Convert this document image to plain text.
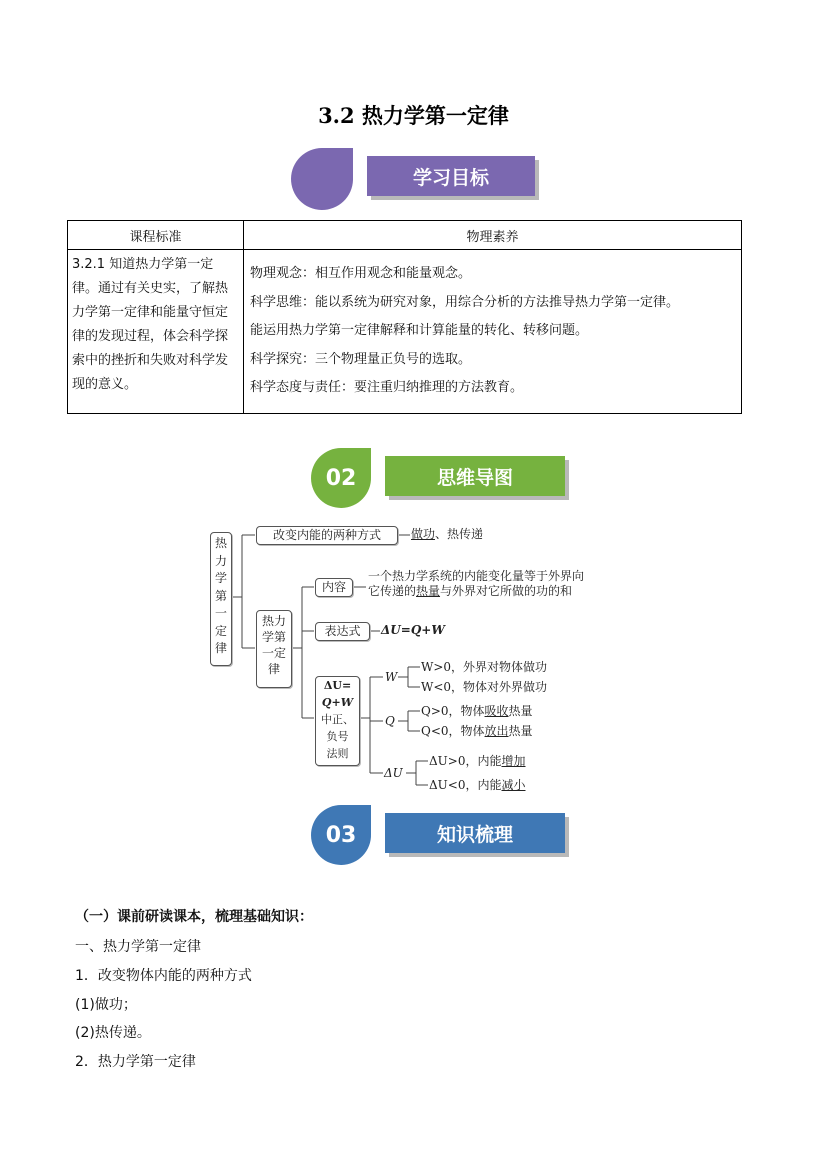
3.2 热力学第一定律
学习目标
课程标准	物理素养
3.2.1 知道热力学第一定律。通过有关史实，了解热力学第一定律和能量守恒定律的发现过程，体会科学探索中的挫折和失败对科学发现的意义。	物理观念：相互作用观念和能量观念。
科学思维：能以系统为研究对象，用综合分析的方法推导热力学第一定律。
能运用热力学第一定律解释和计算能量的转化、转移问题。
科学探究：三个物理量正负号的选取。
科学态度与责任：要注重归纳推理的方法教育。
02	思维导图
热力学第一定律
改变内能的两种方式	做功、热传递
热力学第一定律
内容
一个热力学系统的内能变化量等于外界向
它传递的热量与外界对它所做的功的和
表达式	ΔU=Q+W
ΔU=
Q+W
中正、
负号
法则
W
W>0，外界对物体做功
W<0，物体对外界做功
Q
Q>0，物体吸收热量
Q<0，物体放出热量
ΔU
ΔU>0，内能增加
ΔU<0，内能减小
03	知识梳理
（一）课前研读课本，梳理基础知识：
一、热力学第一定律
1．改变物体内能的两种方式
(1)做功；
(2)热传递。
2．热力学第一定律
